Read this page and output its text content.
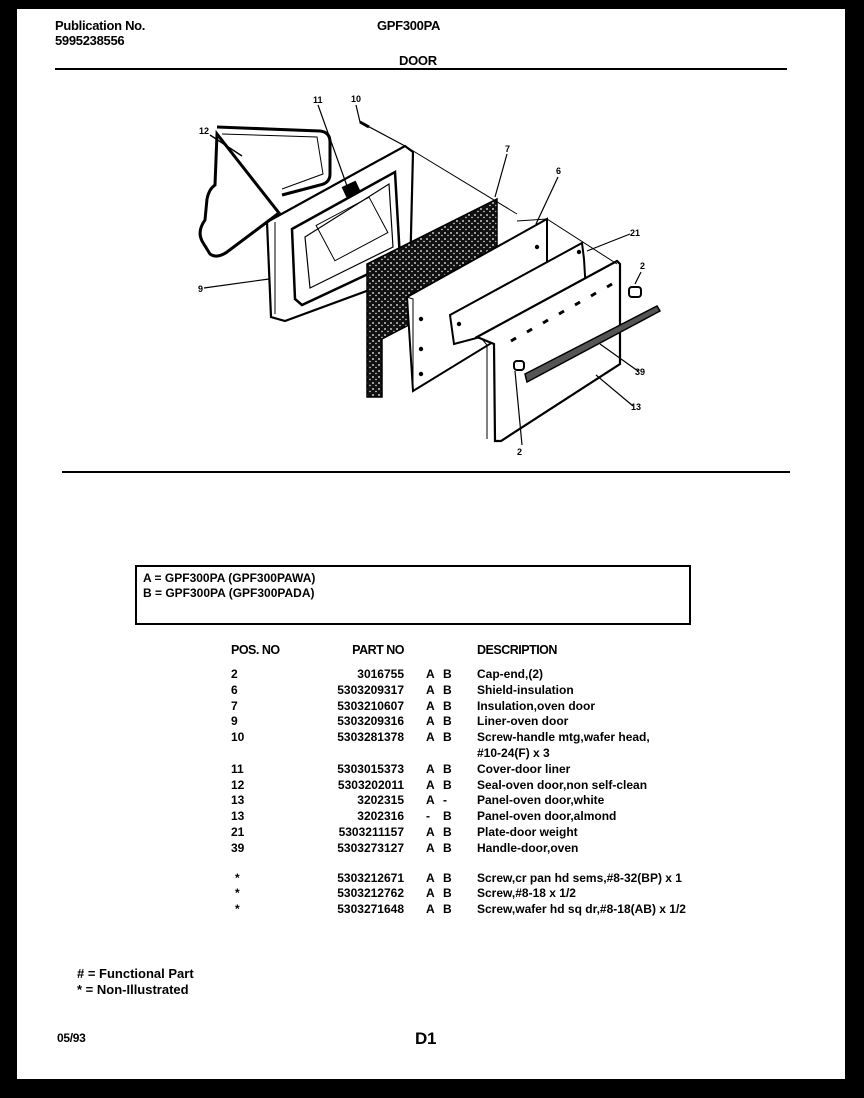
Publication No.
5995238556
GPF300PA
DOOR
12
11	10
9
7
6
21
2
39
13
2
A = GPF300PA (GPF300PAWA)
B = GPF300PA (GPF300PADA)
POS. NO	PART NO	DESCRIPTION
2	3016755 A B Cap-end,(2)
6	5303209317 A B Shield-insulation
7	5303210607 A B Insulation,oven door
9	5303209316 A B Liner-oven door
10	5303281378 A B Screw-handle mtg,wafer head, #10-24(F) x 3
11	5303015373 A B Cover-door liner
12	5303202011 A B Seal-oven door,non self-clean
13	3202315 A -	Panel-oven door,white
13	3202316 -	B Panel-oven door,almond
21	5303211157 A B Plate-door weight
39	5303273127 A B Handle-door,oven
*	5303212671 A B Screw,cr pan hd sems,#8-32(BP) x 1
*	5303212762 A B Screw,#8-18 x 1/2
*	5303271648 A B Screw,wafer hd sq dr,#8-18(AB) x 1/2
# = Functional Part
* = Non-Illustrated
05/93	D1
